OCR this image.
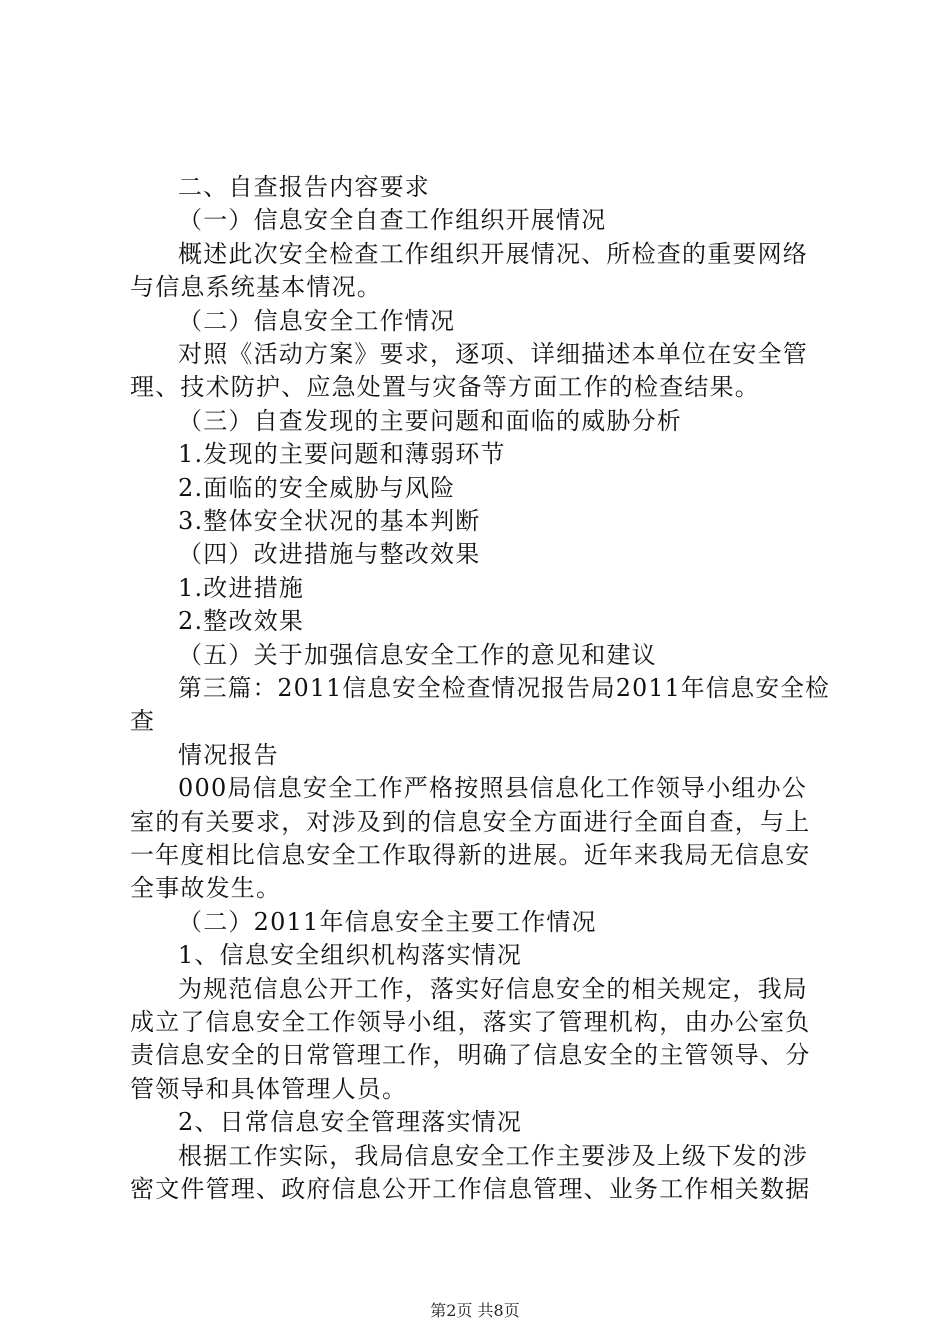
二、自查报告内容要求
（一）信息安全自查工作组织开展情况
概述此次安全检查工作组织开展情况、所检查的重要网络
与信息系统基本情况。
（二）信息安全工作情况
对照《活动方案》要求，逐项、详细描述本单位在安全管
理、技术防护、应急处置与灾备等方面工作的检查结果。
（三）自查发现的主要问题和面临的威胁分析
1.发现的主要问题和薄弱环节
2.面临的安全威胁与风险
3.整体安全状况的基本判断
（四）改进措施与整改效果
1.改进措施
2.整改效果
（五）关于加强信息安全工作的意见和建议
第三篇：2011信息安全检查情况报告局2011年信息安全检
查
情况报告
000局信息安全工作严格按照县信息化工作领导小组办公
室的有关要求，对涉及到的信息安全方面进行全面自查，与上
一年度相比信息安全工作取得新的进展。近年来我局无信息安
全事故发生。
（二）2011年信息安全主要工作情况
1、信息安全组织机构落实情况
为规范信息公开工作，落实好信息安全的相关规定，我局
成立了信息安全工作领导小组，落实了管理机构，由办公室负
责信息安全的日常管理工作，明确了信息安全的主管领导、分
管领导和具体管理人员。
2、日常信息安全管理落实情况
根据工作实际，我局信息安全工作主要涉及上级下发的涉
密文件管理、政府信息公开工作信息管理、业务工作相关数据
第2页 共8页
